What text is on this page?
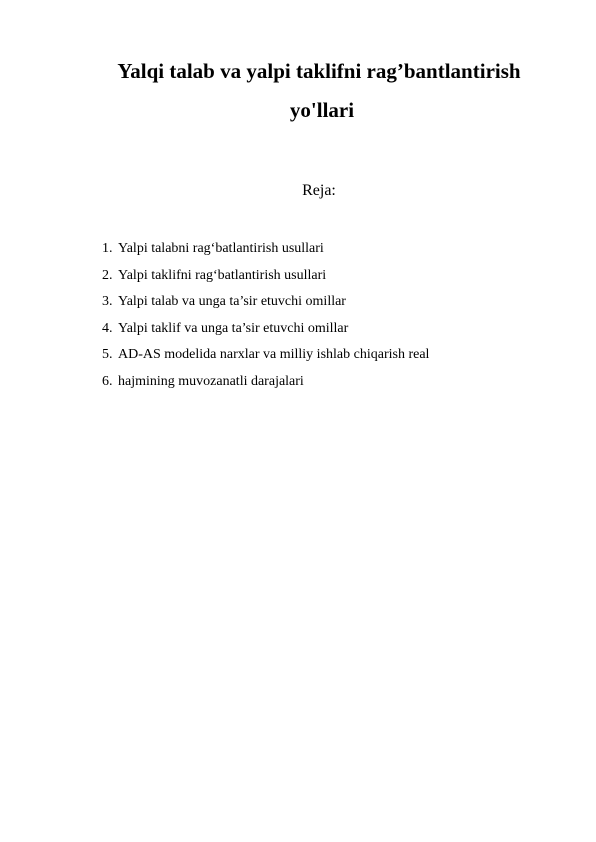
Yalqi talab va yalpi taklifni rag’bantlantirish
yo'llari
Reja:
1. Yalpi talabni rag‘batlantirish usullari
2. Yalpi taklifni rag‘batlantirish usullari
3. Yalpi talab va unga ta’sir etuvchi omillar
4. Yalpi taklif va unga ta’sir etuvchi omillar
5. AD-AS modelida narxlar va milliy ishlab chiqarish real
6. hajmining muvozanatli darajalari
